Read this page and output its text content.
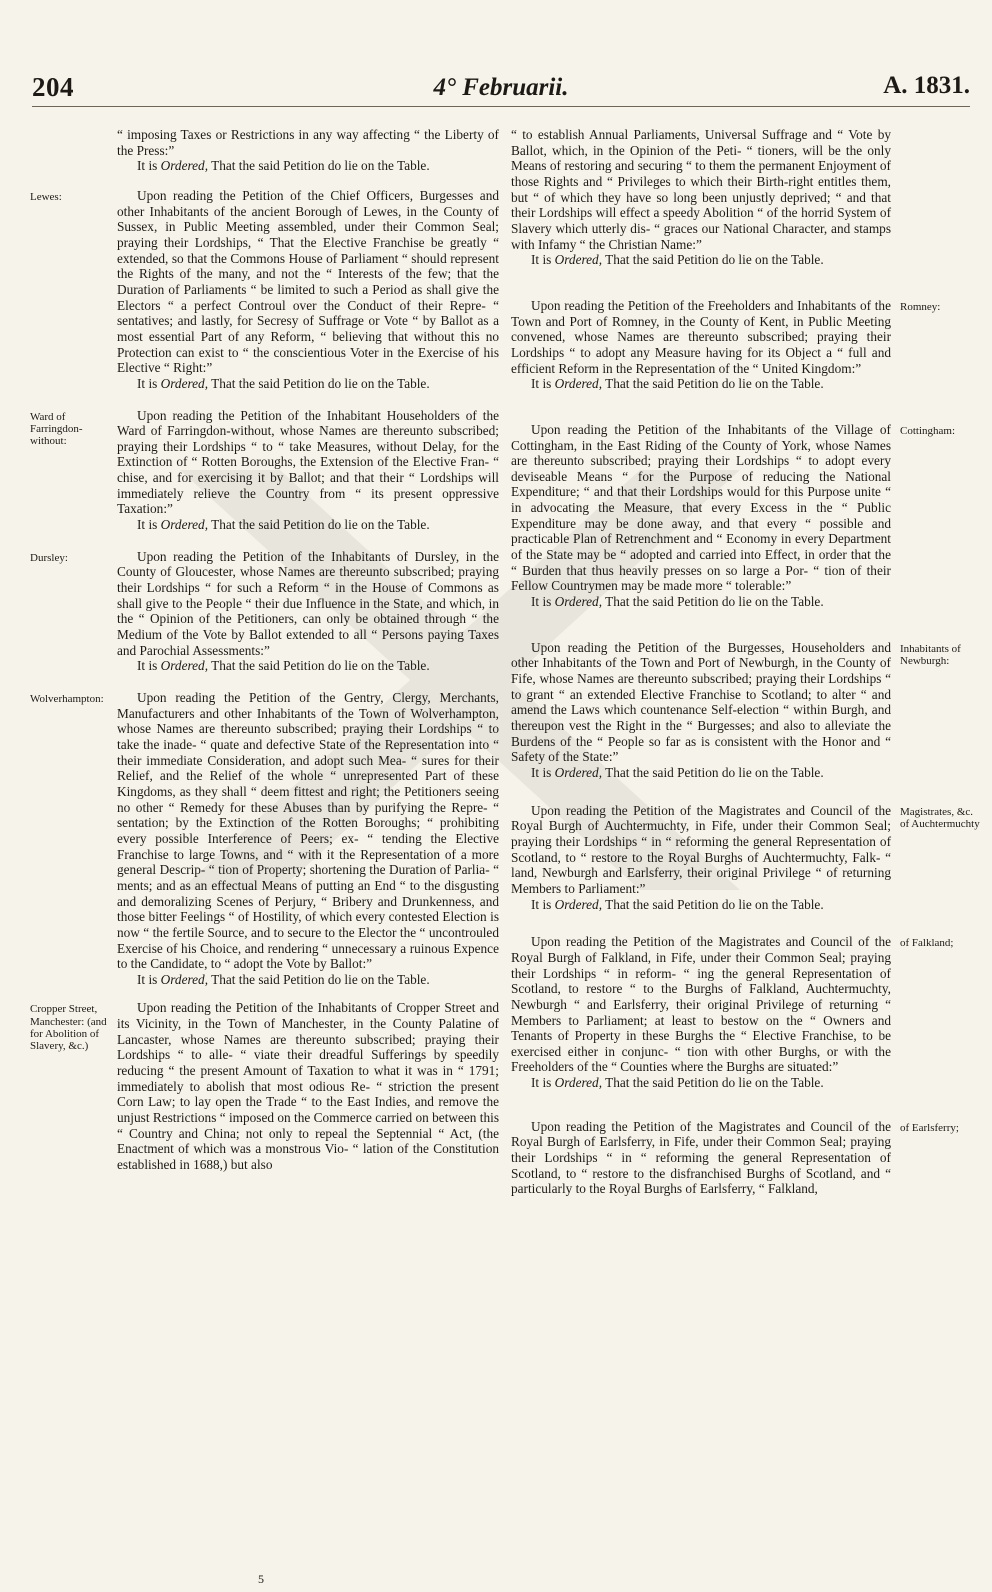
204	4° Februarii.	A. 1831.

“ imposing Taxes or Restrictions in any way affecting “ the Liberty of the Press:”

It is Ordered, That the said Petition do lie on the Table.

Lewes:	Upon reading the Petition of the Chief Officers, Burgesses and other Inhabitants of the ancient Borough of Lewes, in the County of Sussex, in Public Meeting assembled, under their Common Seal; praying their Lordships, “ That the Elective Franchise be greatly “ extended, so that the Commons House of Parliament “ should represent the Rights of the many, and not the “ Interests of the few; that the Duration of Parliaments “ be limited to such a Period as shall give the Electors “ a perfect Controul over the Conduct of their Repre- “ sentatives; and lastly, for Secresy of Suffrage or Vote “ by Ballot as a most essential Part of any Reform, “ believing that without this no Protection can exist to “ the conscientious Voter in the Exercise of his Elective “ Right:”

It is Ordered, That the said Petition do lie on the Table.

Ward of Farringdon-without:

Upon reading the Petition of the Inhabitant Householders of the Ward of Farringdon-without, whose Names are thereunto subscribed; praying their Lordships “ to “ take Measures, without Delay, for the Extinction of “ Rotten Boroughs, the Extension of the Elective Fran- “ chise, and for exercising it by Ballot; and that their “ Lordships will immediately relieve the Country from “ its present oppressive Taxation:”

It is Ordered, That the said Petition do lie on the Table.

Dursley:	Upon reading the Petition of the Inhabitants of Dursley, in the County of Gloucester, whose Names are thereunto subscribed; praying their Lordships “ for such a Reform “ in the House of Commons as shall give to the People “ their due Influence in the State, and which, in the “ Opinion of the Petitioners, can only be obtained through “ the Medium of the Vote by Ballot extended to all “ Persons paying Taxes and Parochial Assessments:”

It is Ordered, That the said Petition do lie on the Table.

Wolverhampton:	Upon reading the Petition of the Gentry, Clergy, Merchants, Manufacturers and other Inhabitants of the Town of Wolverhampton, whose Names are thereunto subscribed; praying their Lordships “ to take the inade- “ quate and defective State of the Representation into “ their immediate Consideration, and adopt such Mea- “ sures for their Relief, and the Relief of the whole “ unrepresented Part of these Kingdoms, as they shall “ deem fittest and right; the Petitioners seeing no other “ Remedy for these Abuses than by purifying the Repre- “ sentation; by the Extinction of the Rotten Boroughs; “ prohibiting every possible Interference of Peers; ex- “ tending the Elective Franchise to large Towns, and “ with it the Representation of a more general Descrip- “ tion of Property; shortening the Duration of Parlia- “ ments; and as an effectual Means of putting an End “ to the disgusting and demoralizing Scenes of Perjury, “ Bribery and Drunkenness, and those bitter Feelings “ of Hostility, of which every contested Election is now “ the fertile Source, and to secure to the Elector the “ uncontrouled Exercise of his Choice, and rendering “ unnecessary a ruinous Expence to the Candidate, to “ adopt the Vote by Ballot:”

It is Ordered, That the said Petition do lie on the Table.

Cropper Street, Manchester: (and for Abolition of Slavery, &c.)

Upon reading the Petition of the Inhabitants of Cropper Street and its Vicinity, in the Town of Manchester, in the County Palatine of Lancaster, whose Names are thereunto subscribed; praying their Lordships “ to alle- “ viate their dreadful Sufferings by speedily reducing “ the present Amount of Taxation to what it was in “ 1791; immediately to abolish that most odious Re- “ striction the present Corn Law; to lay open the Trade “ to the East Indies, and remove the unjust Restrictions “ imposed on the Commerce carried on between this “ Country and China; not only to repeal the Septennial “ Act, (the Enactment of which was a monstrous Vio- “ lation of the Constitution established in 1688,) but also

“ to establish Annual Parliaments, Universal Suffrage and “ Vote by Ballot, which, in the Opinion of the Peti- “ tioners, will be the only Means of restoring and securing “ to them the permanent Enjoyment of those Rights and “ Privileges to which their Birth-right entitles them, but “ of which they have so long been unjustly deprived; “ and that their Lordships will effect a speedy Abolition “ of the horrid System of Slavery which utterly dis- “ graces our National Character, and stamps with Infamy “ the Christian Name:”

It is Ordered, That the said Petition do lie on the Table.

Romney:

Upon reading the Petition of the Freeholders and Inhabitants of the Town and Port of Romney, in the County of Kent, in Public Meeting convened, whose Names are thereunto subscribed; praying their Lordships “ to adopt any Measure having for its Object a “ full and efficient Reform in the Representation of the “ United Kingdom:”

It is Ordered, That the said Petition do lie on the Table.

Cottingham:

Upon reading the Petition of the Inhabitants of the Village of Cottingham, in the East Riding of the County of York, whose Names are thereunto subscribed; praying their Lordships “ to adopt every deviseable Means “ for the Purpose of reducing the National Expenditure; “ and that their Lordships would for this Purpose unite “ in advocating the Measure, that every Excess in the “ Public Expenditure may be done away, and that every “ possible and practicable Plan of Retrenchment and “ Economy in every Department of the State may be “ adopted and carried into Effect, in order that the “ Burden that thus heavily presses on so large a Por- “ tion of their Fellow Countrymen may be made more “ tolerable:”

It is Ordered, That the said Petition do lie on the Table.

Inhabitants of Newburgh:

Upon reading the Petition of the Burgesses, Householders and other Inhabitants of the Town and Port of Newburgh, in the County of Fife, whose Names are thereunto subscribed; praying their Lordships “ to grant “ an extended Elective Franchise to Scotland; to alter “ and amend the Laws which countenance Self-election “ within Burgh, and thereupon vest the Right in the “ Burgesses; and also to alleviate the Burdens of the “ People so far as is consistent with the Honor and “ Safety of the State:”

It is Ordered, That the said Petition do lie on the Table.

Magistrates, &c. of Auchtermuchty

Upon reading the Petition of the Magistrates and Council of the Royal Burgh of Auchtermuchty, in Fife, under their Common Seal; praying their Lordships “ in “ reforming the general Representation of Scotland, to “ restore to the Royal Burghs of Auchtermuchty, Falk- “ land, Newburgh and Earlsferry, their original Privilege “ of returning Members to Parliament:”

It is Ordered, That the said Petition do lie on the Table.

of Falkland;

Upon reading the Petition of the Magistrates and Council of the Royal Burgh of Falkland, in Fife, under their Common Seal; praying their Lordships “ in reform- “ ing the general Representation of Scotland, to restore “ to the Burghs of Falkland, Auchtermuchty, Newburgh “ and Earlsferry, their original Privilege of returning “ Members to Parliament; at least to bestow on the “ Owners and Tenants of Property in these Burghs the “ Elective Franchise, to be exercised either in conjunc- “ tion with other Burghs, or with the Freeholders of the “ Counties where the Burghs are situated:”

It is Ordered, That the said Petition do lie on the Table.

of Earlsferry;

Upon reading the Petition of the Magistrates and Council of the Royal Burgh of Earlsferry, in Fife, under their Common Seal; praying their Lordships “ in “ reforming the general Representation of Scotland, to “ restore to the disfranchised Burghs of Scotland, and “ particularly to the Royal Burghs of Earlsferry, “ Falkland,

5
